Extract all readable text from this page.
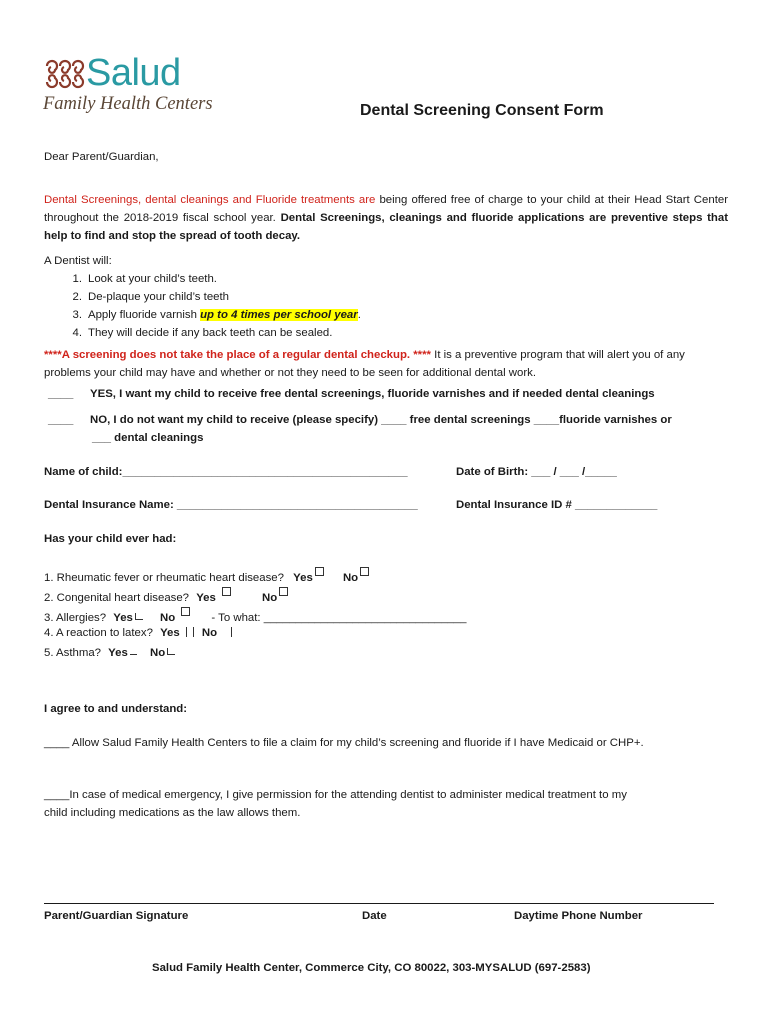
Salud
Family Health Centers	Dental Screening Consent Form
Dear Parent/Guardian,
Dental Screenings, dental cleanings and Fluoride treatments are being offered free of charge to your child at their Head Start Center throughout the 2018-2019 fiscal school year. Dental Screenings, cleanings and fluoride applications are preventive steps that help to find and stop the spread of tooth decay.
A Dentist will:
1. Look at your child’s teeth.
2. De-plaque your child’s teeth
3. Apply fluoride varnish up to 4 times per school year.
4. They will decide if any back teeth can be sealed.
****A screening does not take the place of a regular dental checkup. **** It is a preventive program that will alert you of any problems your child may have and whether or not they need to be seen for additional dental work.
____ YES, I want my child to receive free dental screenings, fluoride varnishes and if needed dental cleanings
____ NO, I do not want my child to receive (please specify) ____ free dental screenings ____fluoride varnishes or
___ dental cleanings
Name of child:_____________________________________________	Date of Birth: ___ / ___ /_____
Dental Insurance Name: ______________________________________	Dental Insurance ID # _____________
Has your child ever had:
1. Rheumatic fever or rheumatic heart disease? Yes	No
2. Congenital heart disease? Yes	No
3. Allergies? Yes No	- To what: ________________________________
4. A reaction to latex? Yes No
5. Asthma? Yes No
I agree to and understand:
____ Allow Salud Family Health Centers to file a claim for my child’s screening and fluoride if I have Medicaid or CHP+.
____In case of medical emergency, I give permission for the attending dentist to administer medical treatment to my
child including medications as the law allows them.
Parent/Guardian Signature	Date	Daytime Phone Number
Salud Family Health Center, Commerce City, CO 80022, 303-MYSALUD (697-2583)
